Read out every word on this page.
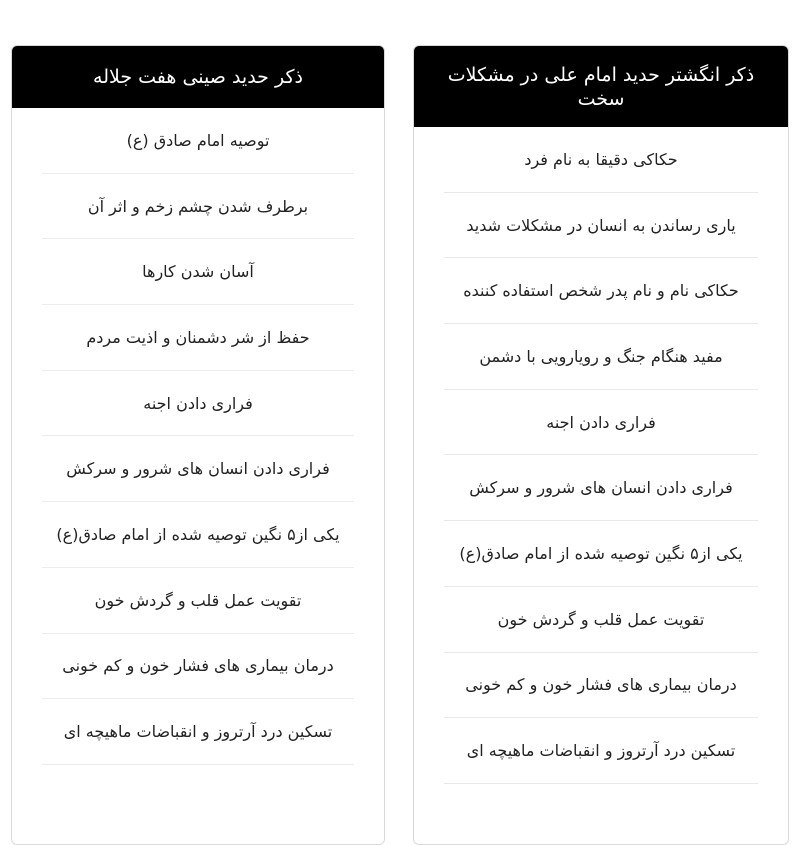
ذکر حدید صینی هفت جلاله
توصیه امام صادق (ع)
برطرف شدن چشم زخم و اثر آن
آسان شدن کارها
حفظ از شر دشمنان و اذیت مردم
فراری دادن اجنه
فراری دادن انسان های شرور و سرکش
یکی از۵ نگین توصیه شده از امام صادق(ع)
تقویت عمل قلب و گردش خون
درمان بیماری های فشار خون و کم خونی
تسکین درد آرتروز و انقباضات ماهیچه ای
ذکر انگشتر حدید امام علی در مشکلات سخت
حکاکی دقیقا به نام فرد
یاری رساندن به انسان در مشکلات شدید
حکاکی نام و نام پدر شخص استفاده کننده
مفید هنگام جنگ و رویارویی با دشمن
فراری دادن اجنه
فراری دادن انسان های شرور و سرکش
یکی از۵ نگین توصیه شده از امام صادق(ع)
تقویت عمل قلب و گردش خون
درمان بیماری های فشار خون و کم خونی
تسکین درد آرتروز و انقباضات ماهیچه ای
